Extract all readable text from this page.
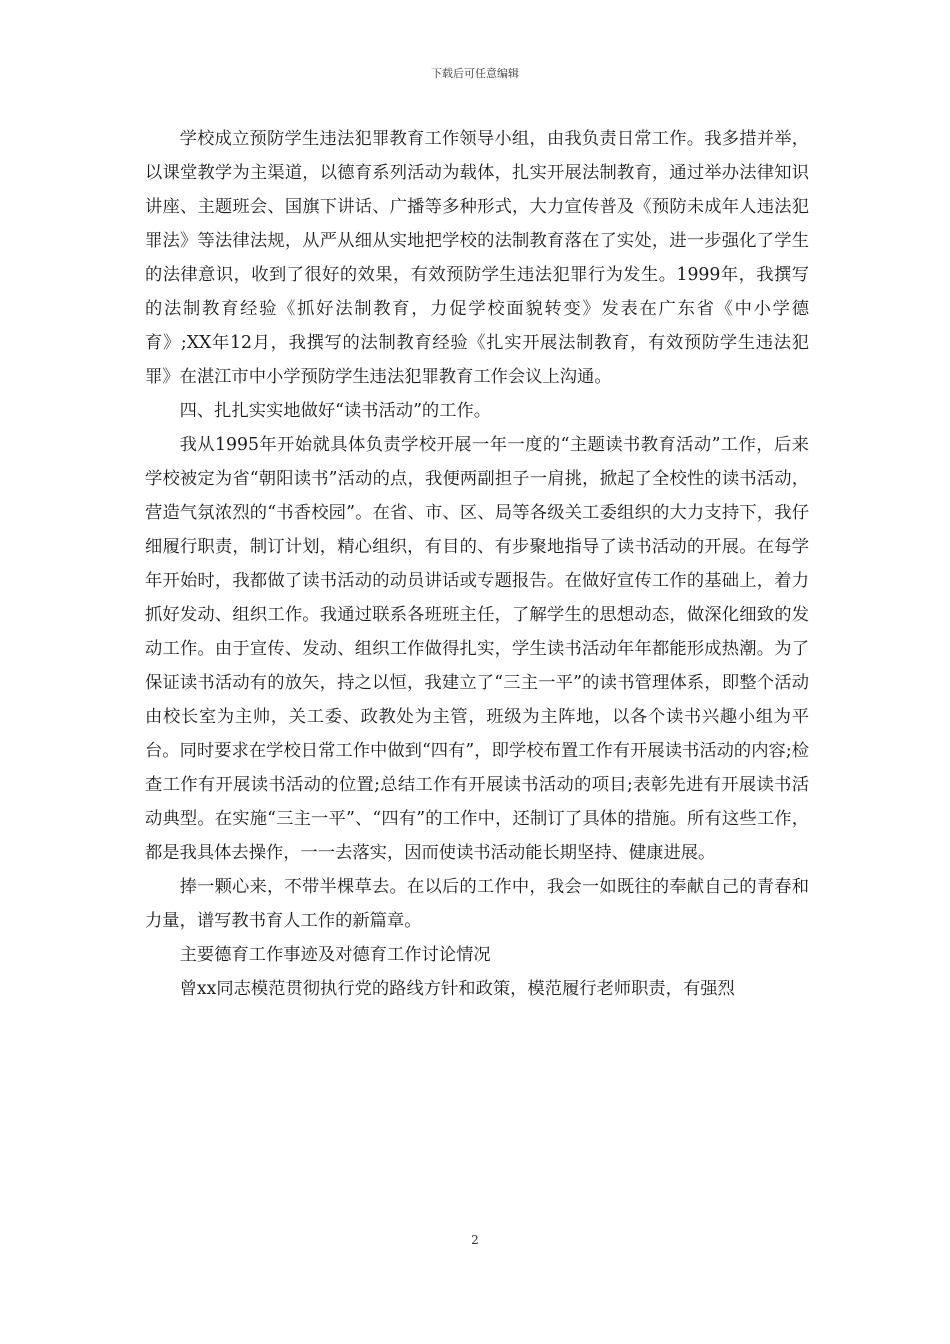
下载后可任意编辑

学校成立预防学生违法犯罪教育工作领导小组，由我负责日常工作。我多措并举，以课堂教学为主渠道，以德育系列活动为载体，扎实开展法制教育，通过举办法律知识讲座、主题班会、国旗下讲话、广播等多种形式，大力宣传普及《预防未成年人违法犯罪法》等法律法规，从严从细从实地把学校的法制教育落在了实处，进一步强化了学生的法律意识，收到了很好的效果，有效预防学生违法犯罪行为发生。1999年，我撰写的法制教育经验《抓好法制教育，力促学校面貌转变》发表在广东省《中小学德育》;XX年12月，我撰写的法制教育经验《扎实开展法制教育，有效预防学生违法犯罪》在湛江市中小学预防学生违法犯罪教育工作会议上沟通。

四、扎扎实实地做好“读书活动”的工作。

我从1995年开始就具体负责学校开展一年一度的“主题读书教育活动”工作，后来学校被定为省“朝阳读书”活动的点，我便两副担子一肩挑，掀起了全校性的读书活动，营造气氛浓烈的“书香校园”。在省、市、区、局等各级关工委组织的大力支持下，我仔细履行职责，制订计划，精心组织，有目的、有步聚地指导了读书活动的开展。在每学年开始时，我都做了读书活动的动员讲话或专题报告。在做好宣传工作的基础上，着力抓好发动、组织工作。我通过联系各班班主任，了解学生的思想动态，做深化细致的发动工作。由于宣传、发动、组织工作做得扎实，学生读书活动年年都能形成热潮。为了保证读书活动有的放矢，持之以恒，我建立了“三主一平”的读书管理体系，即整个活动由校长室为主帅，关工委、政教处为主管，班级为主阵地，以各个读书兴趣小组为平台。同时要求在学校日常工作中做到“四有”，即学校布置工作有开展读书活动的内容;检查工作有开展读书活动的位置;总结工作有开展读书活动的项目;表彰先进有开展读书活动典型。在实施“三主一平”、“四有”的工作中，还制订了具体的措施。所有这些工作，都是我具体去操作，一一去落实，因而使读书活动能长期坚持、健康进展。

捧一颗心来，不带半棵草去。在以后的工作中，我会一如既往的奉献自己的青春和力量，谱写教书育人工作的新篇章。

主要德育工作事迹及对德育工作讨论情况

曾xx同志模范贯彻执行党的路线方针和政策，模范履行老师职责，有强烈

2
